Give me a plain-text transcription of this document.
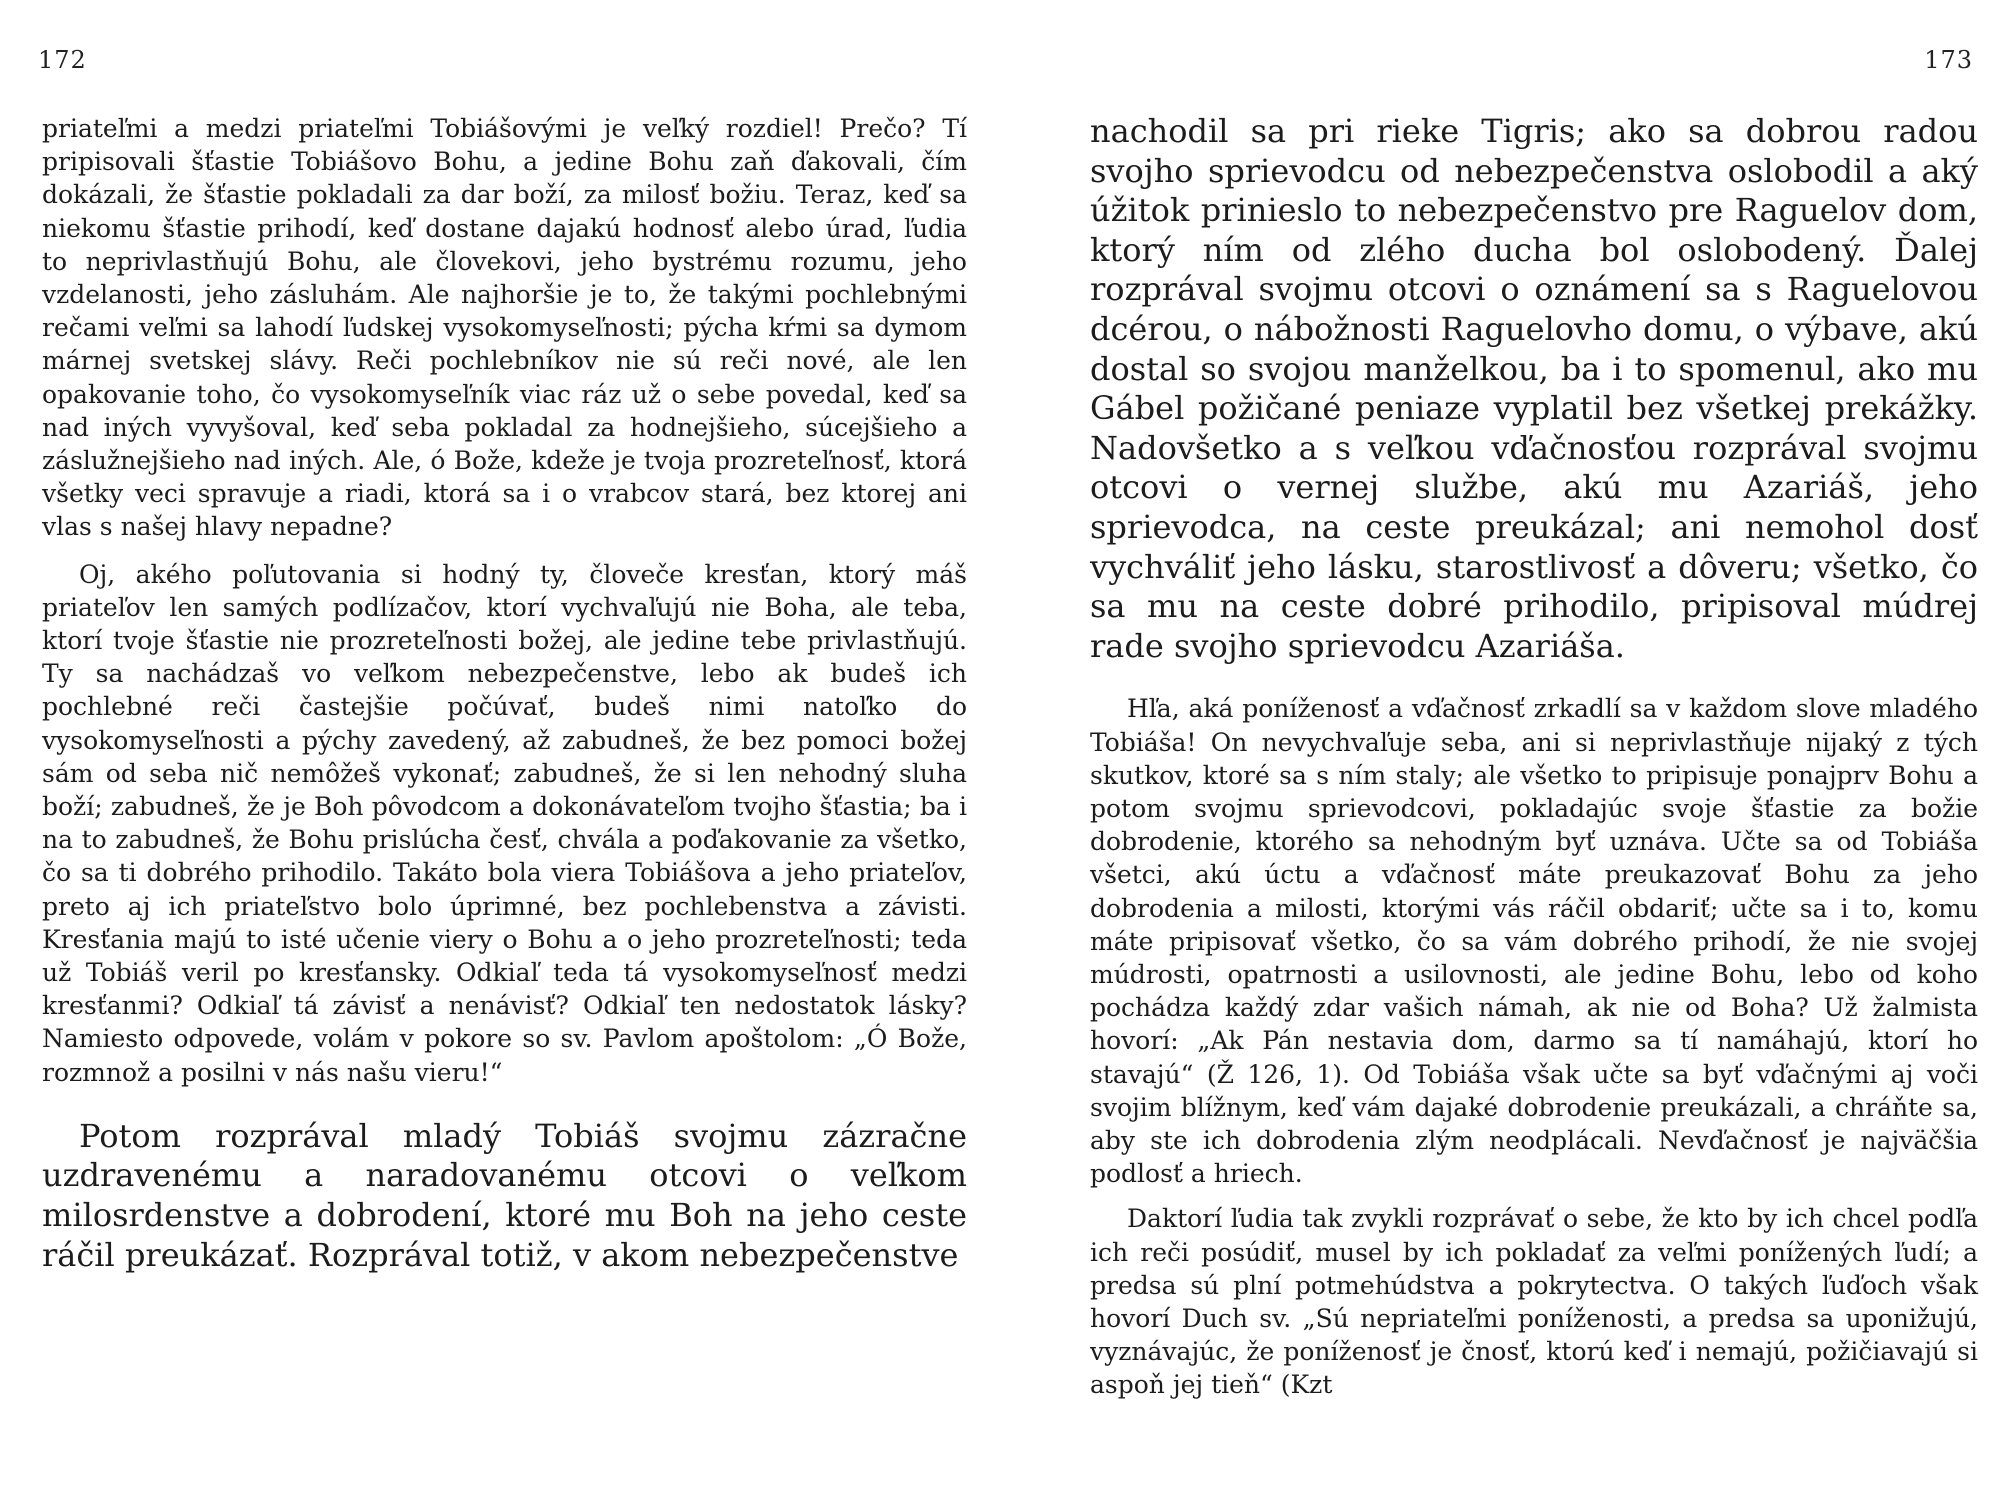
172

priateľmi a medzi priateľmi Tobiášovými je veľký rozdiel! Prečo? Tí pripisovali šťastie Tobiášovo Bohu, a jedine Bohu zaň ďakovali, čím dokázali, že šťastie pokladali za dar boží, za milosť božiu. Teraz, keď sa niekomu šťastie prihodí, keď dostane dajakú hodnosť alebo úrad, ľudia to neprivlastňujú Bohu, ale človekovi, jeho bystrému rozumu, jeho vzdelanosti, jeho zásluhám. Ale najhoršie je to, že takými pochlebnými rečami veľmi sa lahodí ľudskej vysokomyseľnosti; pýcha kŕmi sa dymom márnej svetskej slávy. Reči pochlebníkov nie sú reči nové, ale len opakovanie toho, čo vysokomyseľník viac ráz už o sebe povedal, keď sa nad iných vyvyšoval, keď seba pokladal za hodnejšieho, súcejšieho a záslužnejšieho nad iných. Ale, ó Bože, kdeže je tvoja prozreteľnosť, ktorá všetky veci spravuje a riadi, ktorá sa i o vrabcov stará, bez ktorej ani vlas s našej hlavy nepadne?

Oj, akého poľutovania si hodný ty, človeče kresťan, ktorý máš priateľov len samých podlízačov, ktorí vychvaľujú nie Boha, ale teba, ktorí tvoje šťastie nie prozreteľnosti božej, ale jedine tebe privlastňujú. Ty sa nachádzaš vo veľkom nebezpečenstve, lebo ak budeš ich pochlebné reči častejšie počúvať, budeš nimi natoľko do vysokomyseľnosti a pýchy zavedený, až zabudneš, že bez pomoci božej sám od seba nič nemôžeš vykonať; zabudneš, že si len nehodný sluha boží; zabudneš, že je Boh pôvodcom a dokonávateľom tvojho šťastia; ba i na to zabudneš, že Bohu prislúcha česť, chvála a poďakovanie za všetko, čo sa ti dobrého prihodilo. Takáto bola viera Tobiášova a jeho priateľov, preto aj ich priateľstvo bolo úprimné, bez pochlebenstva a závisti. Kresťania majú to isté učenie viery o Bohu a o jeho prozreteľnosti; teda už Tobiáš veril po kresťansky. Odkiaľ teda tá vysokomyseľnosť medzi kresťanmi? Odkiaľ tá závisť a nenávisť? Odkiaľ ten nedostatok lásky? Namiesto odpovede, volám v pokore so sv. Pavlom apoštolom: „Ó Bože, rozmnož a posilni v nás našu vieru!“

Potom rozprával mladý Tobiáš svojmu zázračne uzdravenému a naradovanému otcovi o veľkom milosrdenstve a dobrodení, ktoré mu Boh na jeho ceste ráčil preukázať. Rozprával totiž, v akom nebezpečenstve

173

nachodil sa pri rieke Tigris; ako sa dobrou radou svojho sprievodcu od nebezpečenstva oslobodil a aký úžitok prinieslo to nebezpečenstvo pre Raguelov dom, ktorý ním od zlého ducha bol oslobodený. Ďalej rozprával svojmu otcovi o oznámení sa s Raguelovou dcérou, o nábožnosti Raguelovho domu, o výbave, akú dostal so svojou manželkou, ba i to spomenul, ako mu Gábel požičané peniaze vyplatil bez všetkej prekážky. Nadovšetko a s veľkou vďačnosťou rozprával svojmu otcovi o vernej službe, akú mu Azariáš, jeho sprievodca, na ceste preukázal; ani nemohol dosť vychváliť jeho lásku, starostlivosť a dôveru; všetko, čo sa mu na ceste dobré prihodilo, pripisoval múdrej rade svojho sprievodcu Azariáša.

Hľa, aká poníženosť a vďačnosť zrkadlí sa v každom slove mladého Tobiáša! On nevychvaľuje seba, ani si neprivlastňuje nijaký z tých skutkov, ktoré sa s ním staly; ale všetko to pripisuje ponajprv Bohu a potom svojmu sprievodcovi, pokladajúc svoje šťastie za božie dobrodenie, ktorého sa nehodným byť uznáva. Učte sa od Tobiáša všetci, akú úctu a vďačnosť máte preukazovať Bohu za jeho dobrodenia a milosti, ktorými vás ráčil obdariť; učte sa i to, komu máte pripisovať všetko, čo sa vám dobrého prihodí, že nie svojej múdrosti, opatrnosti a usilovnosti, ale jedine Bohu, lebo od koho pochádza každý zdar vašich námah, ak nie od Boha? Už žalmista hovorí: „Ak Pán nestavia dom, darmo sa tí namáhajú, ktorí ho stavajú“ (Ž 126, 1). Od Tobiáša však učte sa byť vďačnými aj voči svojim blížnym, keď vám dajaké dobrodenie preukázali, a chráňte sa, aby ste ich dobrodenia zlým neodplácali. Nevďačnosť je najväčšia podlosť a hriech.

Daktorí ľudia tak zvykli rozprávať o sebe, že kto by ich chcel podľa ich reči posúdiť, musel by ich pokladať za veľmi ponížených ľudí; a predsa sú plní potmehúdstva a pokrytectva. O takých ľuďoch však hovorí Duch sv. „Sú nepriateľmi poníženosti, a predsa sa uponižujú, vyznávajúc, že poníženosť je čnosť, ktorú keď i nemajú, požičiavajú si aspoň jej tieň“ (Kzt
